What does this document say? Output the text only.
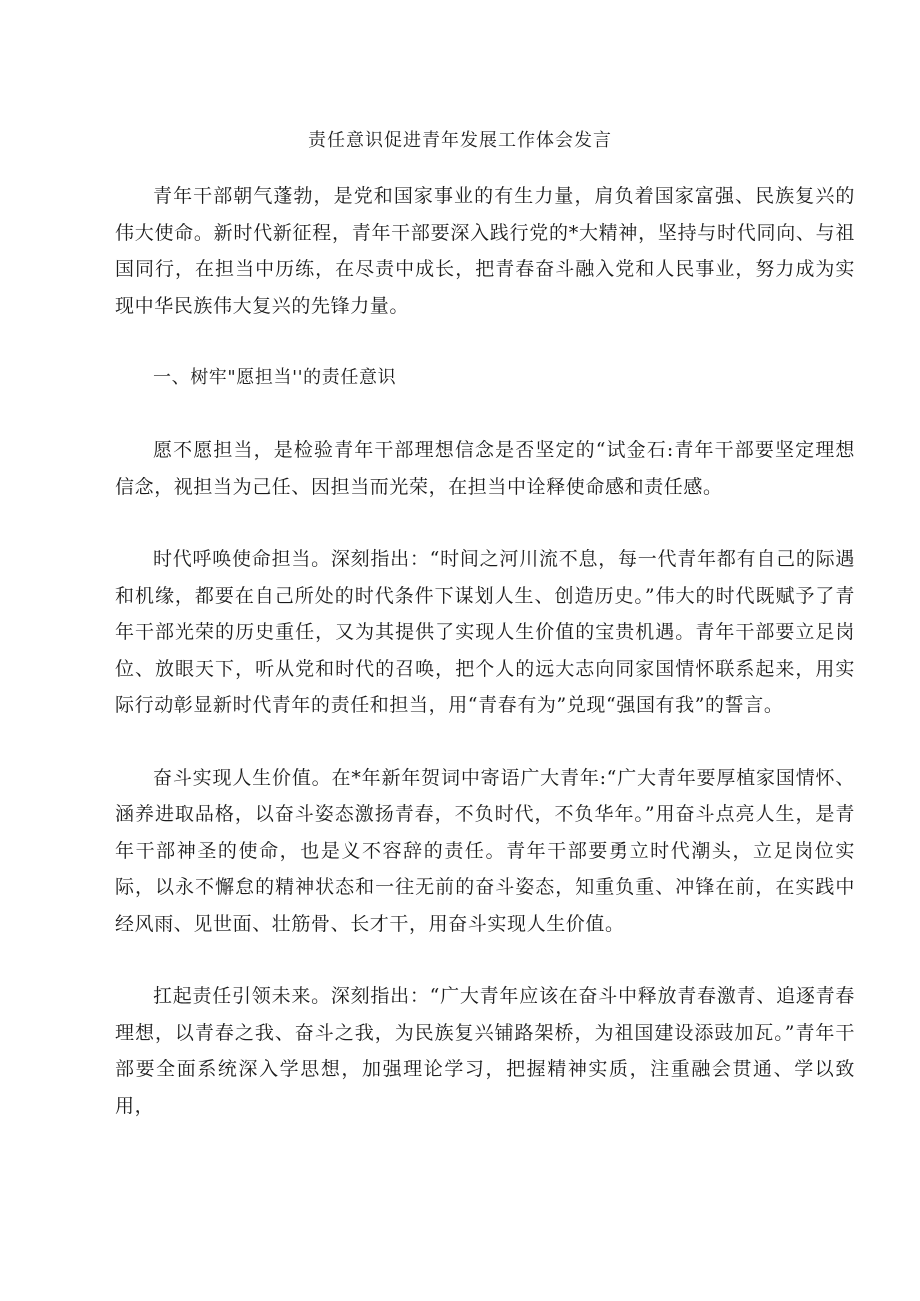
责任意识促进青年发展工作体会发言

青年干部朝气蓬勃，是党和国家事业的有生力量，肩负着国家富强、民族复兴的伟大使命。新时代新征程，青年干部要深入践行党的*大精神，坚持与时代同向、与祖国同行，在担当中历练，在尽责中成长，把青春奋斗融入党和人民事业，努力成为实现中华民族伟大复兴的先锋力量。

一、树牢"愿担当''的责任意识

愿不愿担当，是检验青年干部理想信念是否坚定的“试金石:青年干部要坚定理想信念，视担当为己任、因担当而光荣，在担当中诠释使命感和责任感。

时代呼唤使命担当。深刻指出：“时间之河川流不息，每一代青年都有自己的际遇和机缘，都要在自己所处的时代条件下谋划人生、创造历史。”伟大的时代既赋予了青年干部光荣的历史重任，又为其提供了实现人生价值的宝贵机遇。青年干部要立足岗位、放眼天下，听从党和时代的召唤，把个人的远大志向同家国情怀联系起来，用实际行动彰显新时代青年的责任和担当，用“青春有为”兑现“强国有我”的誓言。

奋斗实现人生价值。在*年新年贺词中寄语广大青年:“广大青年要厚植家国情怀、涵养进取品格，以奋斗姿态激扬青春，不负时代，不负华年。”用奋斗点亮人生，是青年干部神圣的使命，也是义不容辞的责任。青年干部要勇立时代潮头，立足岗位实际，以永不懈怠的精神状态和一往无前的奋斗姿态，知重负重、冲锋在前，在实践中经风雨、见世面、壮筋骨、长才干，用奋斗实现人生价值。

扛起责任引领未来。深刻指出：“广大青年应该在奋斗中释放青春激青、追逐青春理想，以青春之我、奋斗之我，为民族复兴铺路架桥，为祖国建设添豉加瓦。”青年干部要全面系统深入学思想，加强理论学习，把握精神实质，注重融会贯通、学以致用，
